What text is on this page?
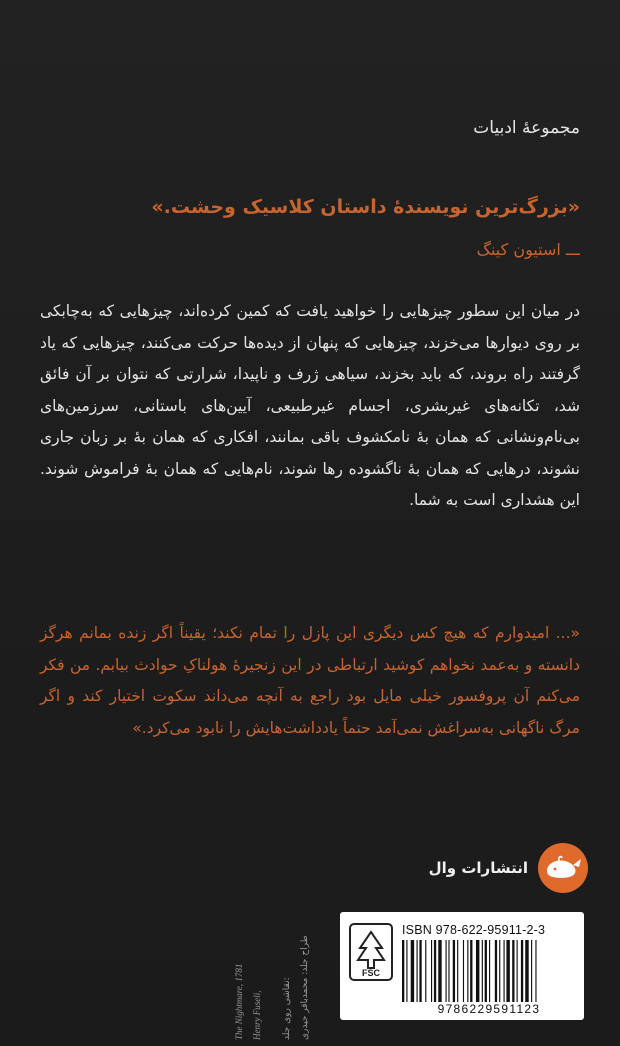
مجموعهٔ ادبیات
«بزرگ‌ترین نویسندهٔ داستان کلاسیک وحشت.»
ـــ استیون کینگ
در میان این سطور چیزهایی را خواهید یافت که کمین کرده‌اند، چیزهایی که به‌چابکی بر روی دیوارها می‌خزند، چیزهایی که پنهان از دیده‌ها حرکت می‌کنند، چیزهایی که یاد گرفتند راه بروند، که باید بخزند، سیاهی ژرف و ناپیدا، شرارتی که نتوان بر آن فائق شد، تکانه‌های غیربشری، اجسام غیرطبیعی، آیین‌های باستانی، سرزمین‌های بی‌نام‌ونشانی که همان بهٔ نامکشوف باقی بمانند، افکاری که همان بهٔ بر زبان جاری نشوند، درهایی که همان بهٔ ناگشوده رها شوند، نام‌هایی که همان بهٔ فراموش شوند. این هشداری است به شما.
«... امیدوارم که هیچ کس دیگری این پازل را تمام نکند؛ یقیناً اگر زنده بمانم هرگز دانسته و به‌عمد نخواهم کوشید ارتباطی در این زنجیرهٔ هولناکِ حوادث بیابم. من فکر می‌کنم آن پروفسور خیلی مایل بود راجع به آنچه می‌داند سکوت اختیار کند و اگر مرگ ناگهانی به‌سراغش نمی‌آمد حتماً یادداشت‌هایش را نابود می‌کرد.»
انتشارات وال
Henry Fuseli,
The Nightmare, 1781	طراح جلد: محمدباقر حیدری
نقاشی روی جلد:
FSC
ISBN 978-622-95911-2-3
9786229591123
